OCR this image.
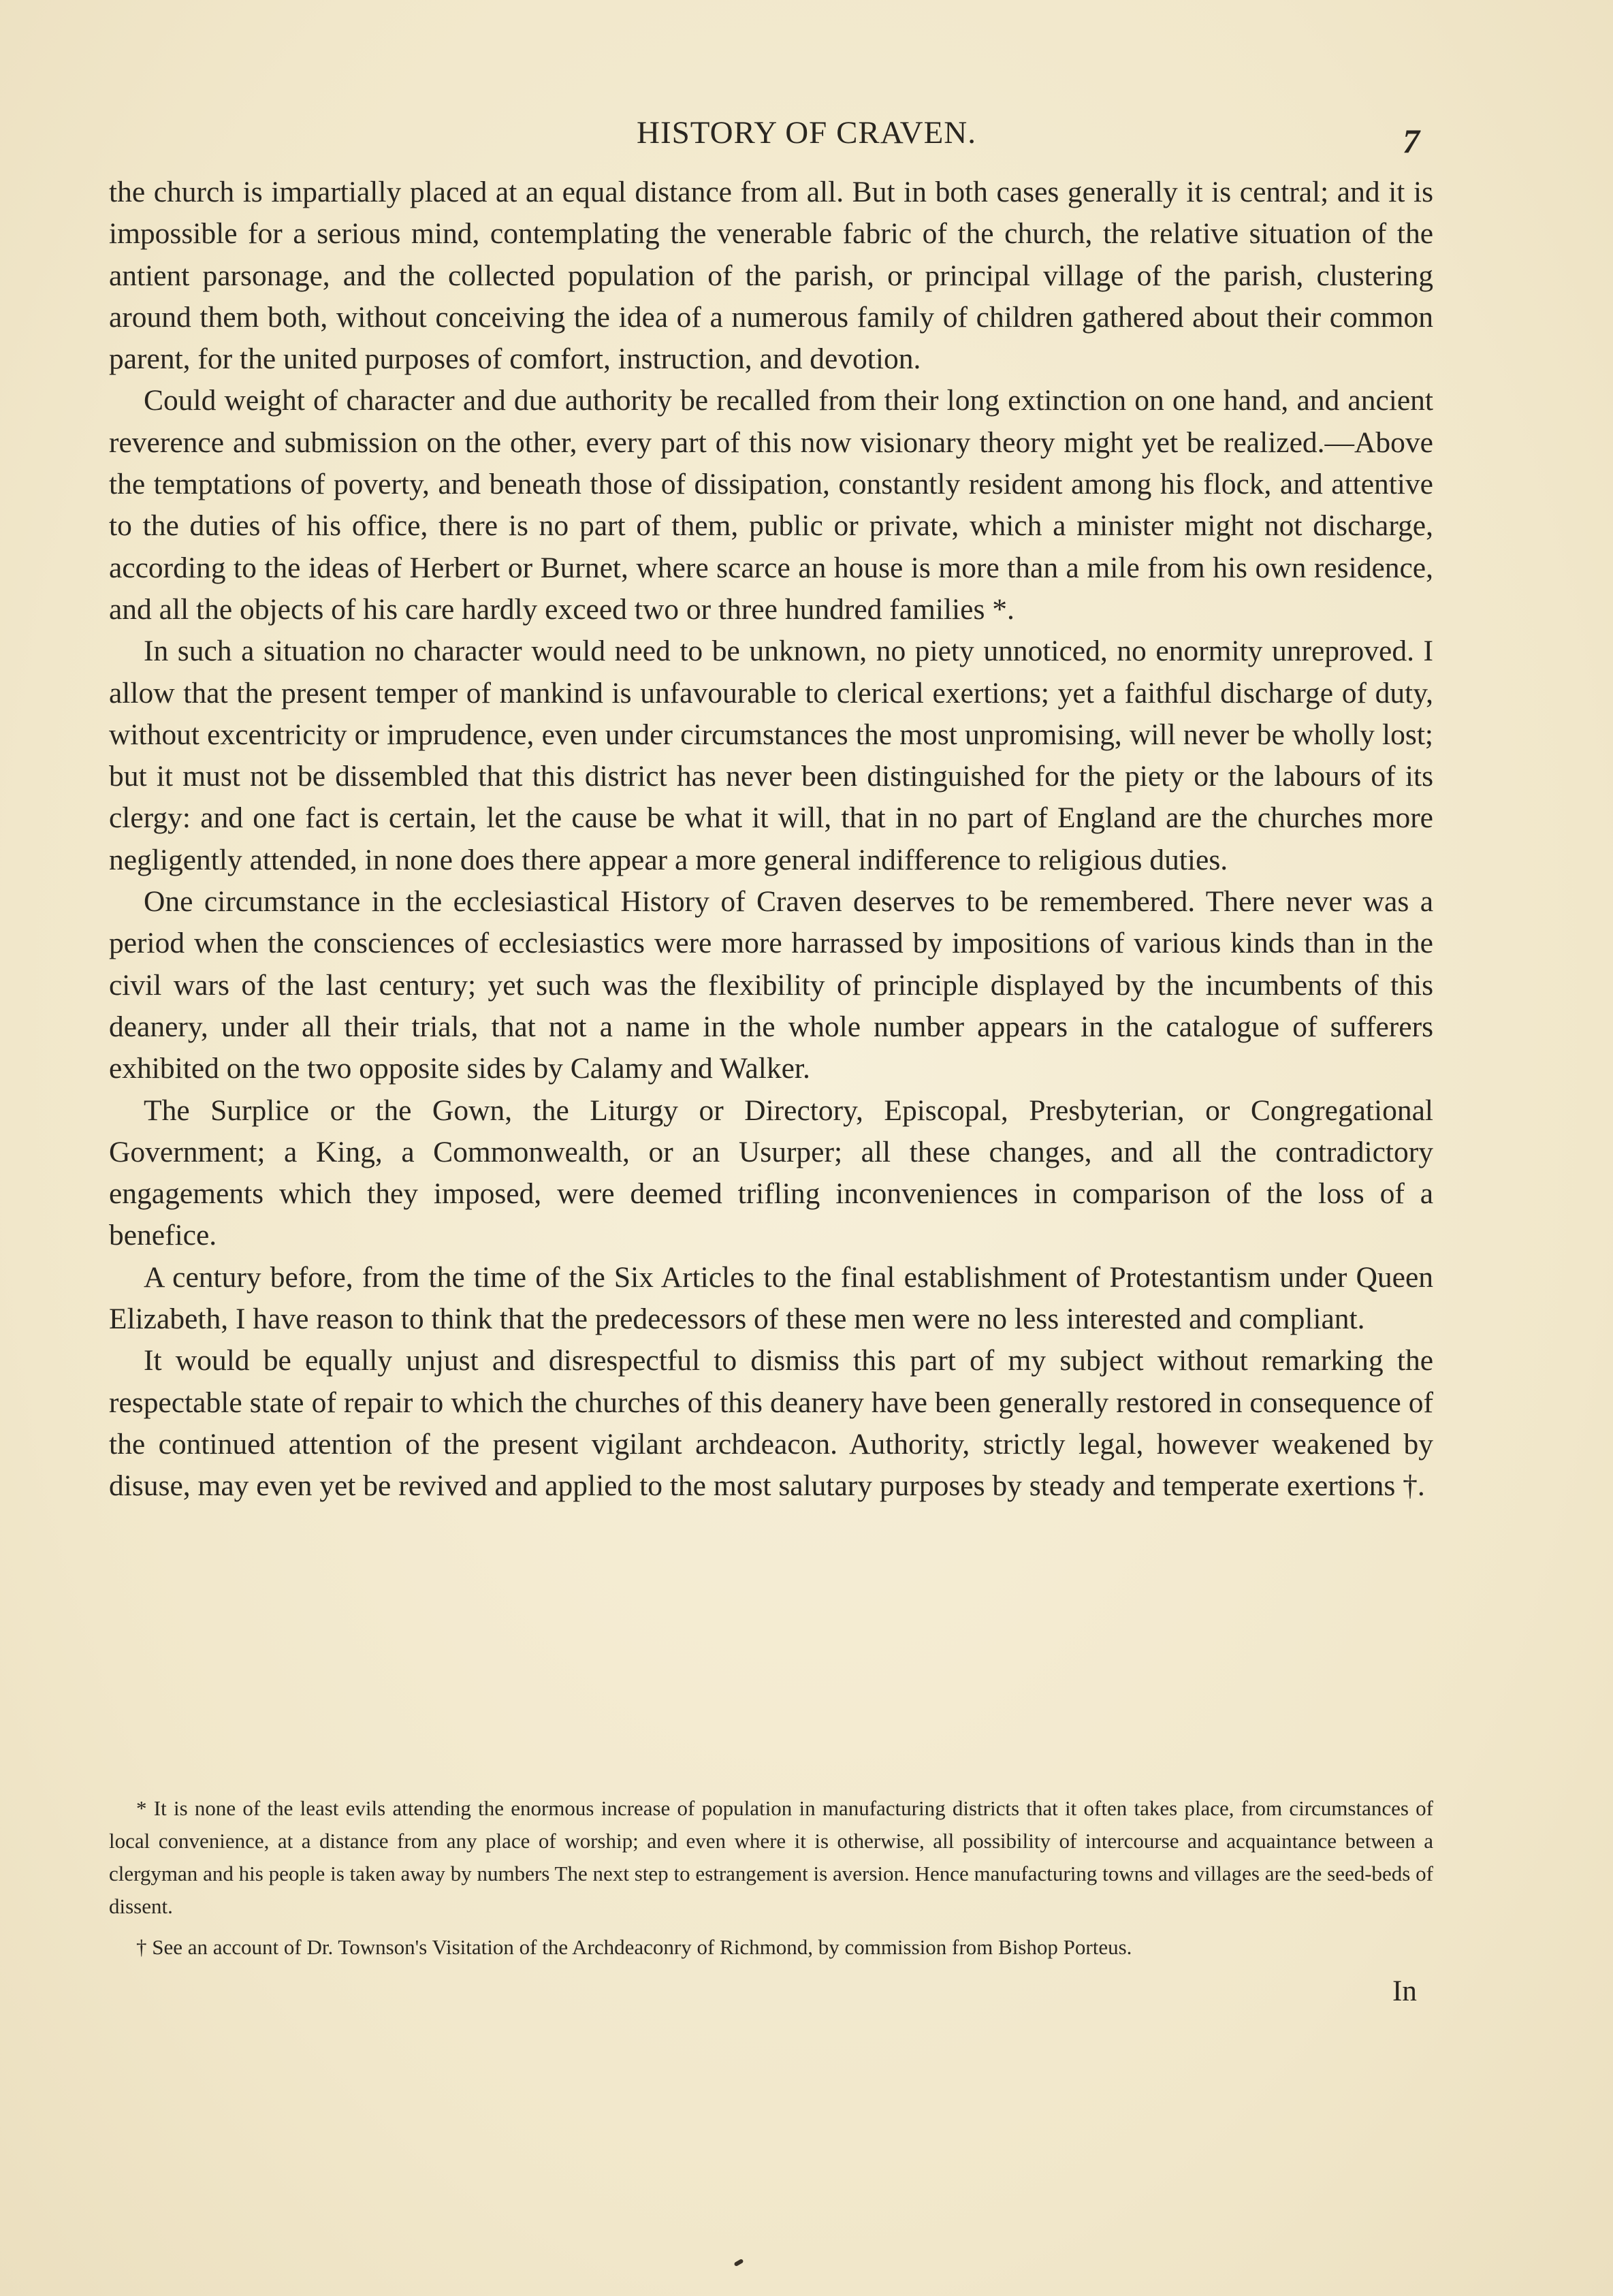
HISTORY OF CRAVEN.	7

the church is impartially placed at an equal distance from all. But in both cases generally it is central; and it is impossible for a serious mind, contemplating the venerable fabric of the church, the relative situation of the antient parsonage, and the collected population of the parish, or principal village of the parish, clustering around them both, without conceiving the idea of a numerous family of children gathered about their common parent, for the united purposes of comfort, instruction, and devotion.

Could weight of character and due authority be recalled from their long extinction on one hand, and ancient reverence and submission on the other, every part of this now visionary theory might yet be realized.—Above the temptations of poverty, and beneath those of dissipation, constantly resident among his flock, and attentive to the duties of his office, there is no part of them, public or private, which a minister might not discharge, according to the ideas of Herbert or Burnet, where scarce an house is more than a mile from his own residence, and all the objects of his care hardly exceed two or three hundred families *.

In such a situation no character would need to be unknown, no piety unnoticed, no enormity unreproved. I allow that the present temper of mankind is unfavourable to clerical exertions; yet a faithful discharge of duty, without excentricity or imprudence, even under circumstances the most unpromising, will never be wholly lost; but it must not be dissembled that this district has never been distinguished for the piety or the labours of its clergy: and one fact is certain, let the cause be what it will, that in no part of England are the churches more negligently attended, in none does there appear a more general indifference to religious duties.

One circumstance in the ecclesiastical History of Craven deserves to be remembered. There never was a period when the consciences of ecclesiastics were more harrassed by impositions of various kinds than in the civil wars of the last century; yet such was the flexibility of principle displayed by the incumbents of this deanery, under all their trials, that not a name in the whole number appears in the catalogue of sufferers exhibited on the two opposite sides by Calamy and Walker.

The Surplice or the Gown, the Liturgy or Directory, Episcopal, Presbyterian, or Congregational Government; a King, a Commonwealth, or an Usurper; all these changes, and all the contradictory engagements which they imposed, were deemed trifling inconveniences in comparison of the loss of a benefice.

A century before, from the time of the Six Articles to the final establishment of Protestantism under Queen Elizabeth, I have reason to think that the predecessors of these men were no less interested and compliant.

It would be equally unjust and disrespectful to dismiss this part of my subject without remarking the respectable state of repair to which the churches of this deanery have been generally restored in consequence of the continued attention of the present vigilant archdeacon. Authority, strictly legal, however weakened by disuse, may even yet be revived and applied to the most salutary purposes by steady and temperate exertions †.

* It is none of the least evils attending the enormous increase of population in manufacturing districts that it often takes place, from circumstances of local convenience, at a distance from any place of worship; and even where it is otherwise, all possibility of intercourse and acquaintance between a clergyman and his people is taken away by numbers The next step to estrangement is aversion. Hence manufacturing towns and villages are the seed-beds of dissent.

† See an account of Dr. Townson's Visitation of the Archdeaconry of Richmond, by commission from Bishop Porteus.

In
